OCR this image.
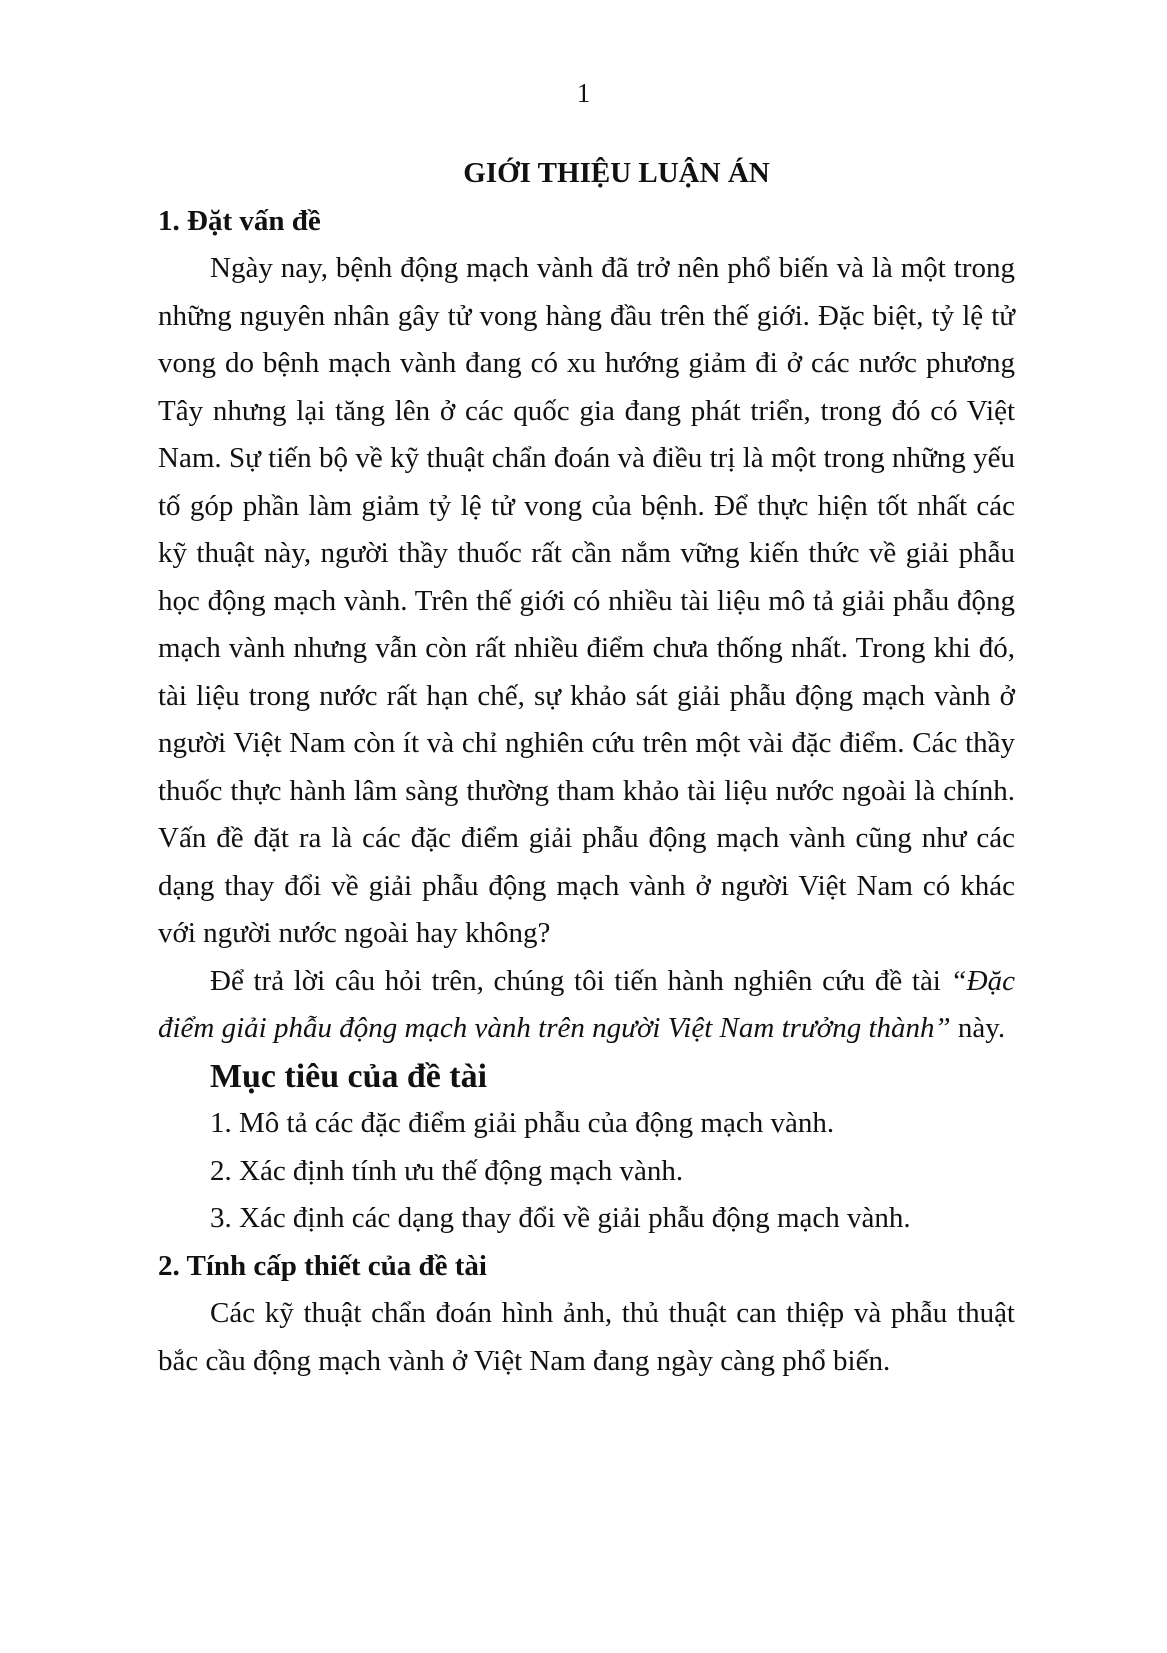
1
GIỚI THIỆU LUẬN ÁN
1. Đặt vấn đề

Ngày nay, bệnh động mạch vành đã trở nên phổ biến và là một trong những nguyên nhân gây tử vong hàng đầu trên thế giới. Đặc biệt, tỷ lệ tử vong do bệnh mạch vành đang có xu hướng giảm đi ở các nước phương Tây nhưng lại tăng lên ở các quốc gia đang phát triển, trong đó có Việt Nam. Sự tiến bộ về kỹ thuật chẩn đoán và điều trị là một trong những yếu tố góp phần làm giảm tỷ lệ tử vong của bệnh. Để thực hiện tốt nhất các kỹ thuật này, người thầy thuốc rất cần nắm vững kiến thức về giải phẫu học động mạch vành. Trên thế giới có nhiều tài liệu mô tả giải phẫu động mạch vành nhưng vẫn còn rất nhiều điểm chưa thống nhất. Trong khi đó, tài liệu trong nước rất hạn chế, sự khảo sát giải phẫu động mạch vành ở người Việt Nam còn ít và chỉ nghiên cứu trên một vài đặc điểm. Các thầy thuốc thực hành lâm sàng thường tham khảo tài liệu nước ngoài là chính. Vấn đề đặt ra là các đặc điểm giải phẫu động mạch vành cũng như các dạng thay đổi về giải phẫu động mạch vành ở người Việt Nam có khác với người nước ngoài hay không?

Để trả lời câu hỏi trên, chúng tôi tiến hành nghiên cứu đề tài “Đặc điểm giải phẫu động mạch vành trên người Việt Nam trưởng thành” này.

Mục tiêu của đề tài
1. Mô tả các đặc điểm giải phẫu của động mạch vành.
2. Xác định tính ưu thế động mạch vành.
3. Xác định các dạng thay đổi về giải phẫu động mạch vành.
2. Tính cấp thiết của đề tài

Các kỹ thuật chẩn đoán hình ảnh, thủ thuật can thiệp và phẫu thuật bắc cầu động mạch vành ở Việt Nam đang ngày càng phổ biến.
